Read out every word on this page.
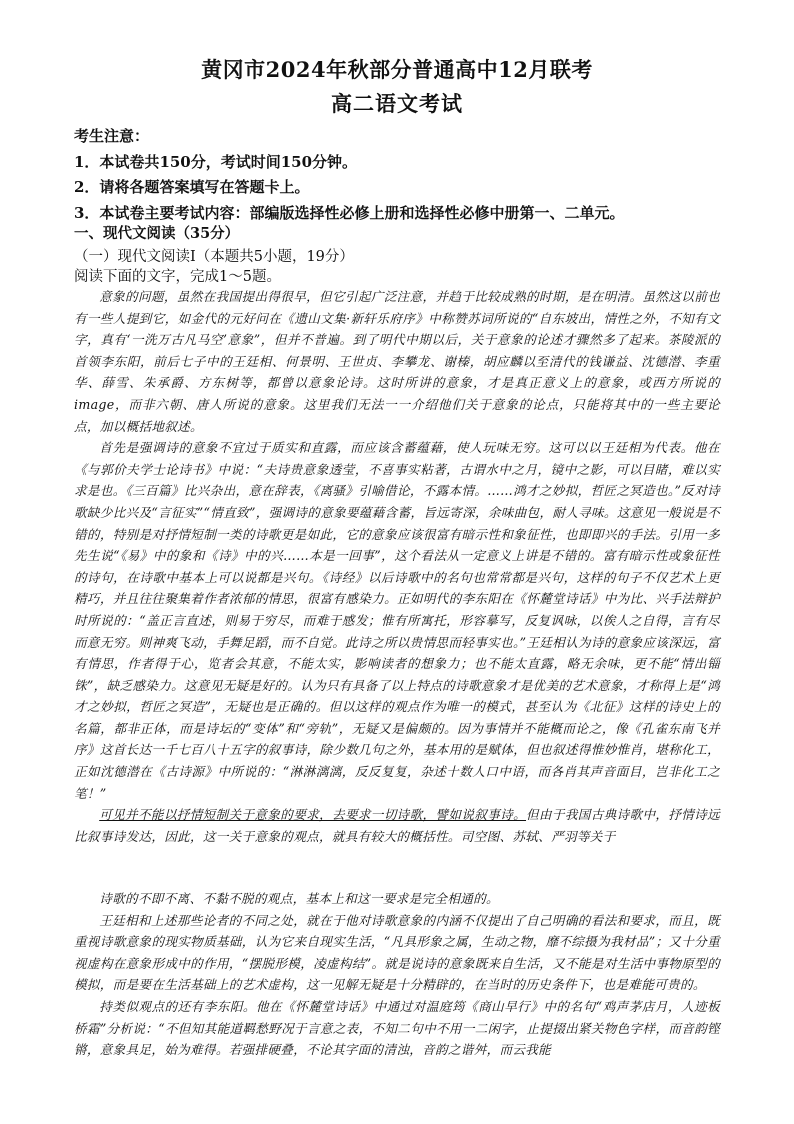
黄冈市2024年秋部分普通高中12月联考
高二语文考试
考生注意：
1．本试卷共150分，考试时间150分钟。
2．请将各题答案填写在答题卡上。
3．本试卷主要考试内容：部编版选择性必修上册和选择性必修中册第一、二单元。
一、现代文阅读（35分）
（一）现代文阅读Ⅰ（本题共5小题，19分）
阅读下面的文字，完成1～5题。

意象的问题，虽然在我国提出得很早，但它引起广泛注意，并趋于比较成熟的时期，是在明清。虽然这以前也有一些人提到它，如金代的元好问在《遗山文集·新轩乐府序》中称赞苏词所说的“自东坡出，情性之外，不知有文字，真有‘一洗万古凡马空’意象”，但并不普遍。到了明代中期以后，关于意象的论述才骤然多了起来。茶陵派的首领李东阳，前后七子中的王廷相、何景明、王世贞、李攀龙、谢榛，胡应麟以至清代的钱谦益、沈德潜、李重华、薛雪、朱承爵、方东树等，都曾以意象论诗。这时所讲的意象，才是真正意义上的意象，或西方所说的image，而非六朝、唐人所说的意象。这里我们无法一一介绍他们关于意象的论点，只能将其中的一些主要论点，加以概括地叙述。

首先是强调诗的意象不宜过于质实和直露，而应该含蓄蕴藉，使人玩味无穷。这可以以王廷相为代表。他在《与郭价夫学士论诗书》中说：“夫诗贵意象透莹，不喜事实粘著，古谓水中之月，镜中之影，可以目睹，难以实求是也。《三百篇》比兴杂出，意在辞表，《离骚》引喻借论，不露本情。……鸿才之妙拟，哲匠之冥造也。”反对诗歌缺少比兴及“言征实”“情直致”，强调诗的意象要蕴藉含蓄，旨远寄深，余味曲包，耐人寻味。这意见一般说是不错的，特别是对抒情短制一类的诗歌更是如此，它的意象应该很富有暗示性和象征性，也即即兴的手法。引用一多先生说“《易》中的象和《诗》中的兴……本是一回事”，这个看法从一定意义上讲是不错的。富有暗示性或象征性的诗句，在诗歌中基本上可以说都是兴句。《诗经》以后诗歌中的名句也常常都是兴句，这样的句子不仅艺术上更精巧，并且往往聚集着作者浓郁的情思，很富有感染力。正如明代的李东阳在《怀麓堂诗话》中为比、兴手法辩护时所说的：“盖正言直述，则易于穷尽，而难于感发；惟有所寓托，形容摹写，反复讽咏，以俟人之自得，言有尽而意无穷。则神爽飞动，手舞足蹈，而不自觉。此诗之所以贵情思而轻事实也。”王廷相认为诗的意象应该深远，富有情思，作者得于心，览者会其意，不能太实，影响读者的想象力；也不能太直露，略无余味，更不能“情出锱铢”，缺乏感染力。这意见无疑是好的。认为只有具备了以上特点的诗歌意象才是优美的艺术意象，才称得上是“鸿才之妙拟，哲匠之冥造”，无疑也是正确的。但以这样的观点作为唯一的模式，甚至认为《北征》这样的诗史上的名篇，都非正体，而是诗坛的“变体”和“旁轨”，无疑又是偏颇的。因为事情并不能概而论之，像《孔雀东南飞并序》这首长达一千七百八十五字的叙事诗，除少数几句之外，基本用的是赋体，但也叙述得惟妙惟肖，堪称化工，正如沈德潜在《古诗源》中所说的：“淋淋漓漓，反反复复，杂述十数人口中语，而各肖其声音面目，岂非化工之笔！”

可见并不能以抒情短制关于意象的要求，去要求一切诗歌，譬如说叙事诗。但由于我国古典诗歌中，抒情诗远比叙事诗发达，因此，这一关于意象的观点，就具有较大的概括性。司空图、苏轼、严羽等关于

诗歌的不即不离、不黏不脱的观点，基本上和这一要求是完全相通的。

王廷相和上述那些论者的不同之处，就在于他对诗歌意象的内涵不仅提出了自己明确的看法和要求，而且，既重视诗歌意象的现实物质基础，认为它来自现实生活，“凡具形象之属，生动之物，靡不综摄为我材品”；又十分重视虚构在意象形成中的作用，“摆脱形模，凌虚构结”。就是说诗的意象既来自生活，又不能是对生活中事物原型的模拟，而是要在生活基础上的艺术虚构，这一见解无疑是十分精辟的，在当时的历史条件下，也是难能可贵的。

持类似观点的还有李东阳。他在《怀麓堂诗话》中通过对温庭筠《商山早行》中的名句“鸡声茅店月，人迹板桥霜”分析说：“不但知其能道羁愁野况于言意之表，不知二句中不用一二闲字，止提掇出紧关物色字样，而音韵铿锵，意象具足，始为难得。若强排硬叠，不论其字面的清浊，音韵之谐舛，而云我能
